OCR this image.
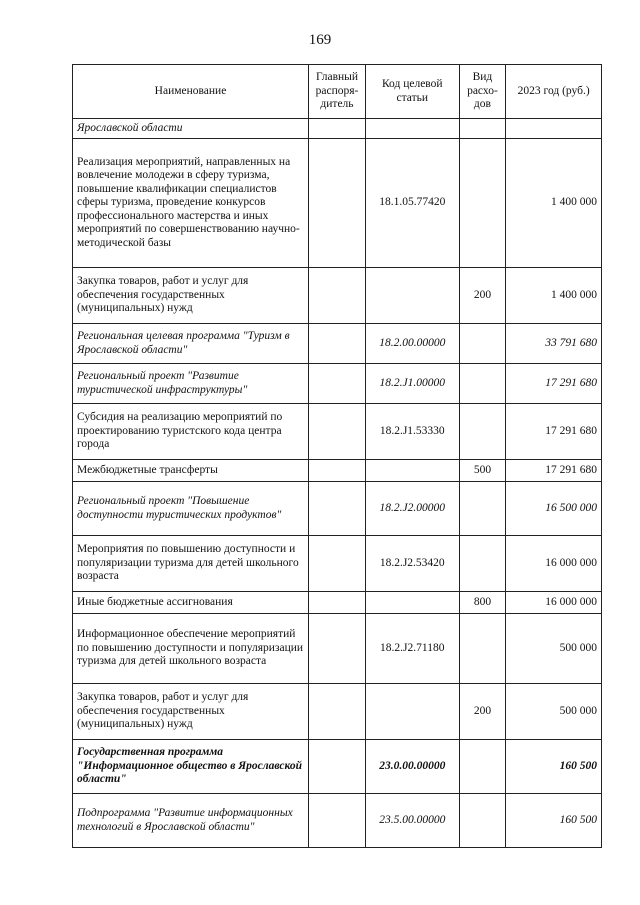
169
Наименование	Главный распоря-дитель	Код целевой статьи	Вид расхо-дов	2023 год (руб.)
Ярославской области				
Реализация мероприятий, направленных на вовлечение молодежи в сферу туризма, повышение квалификации специалистов сферы туризма, проведение конкурсов профессионального мастерства и иных мероприятий по совершенствованию научно-методической базы		18.1.05.77420		1 400 000
Закупка товаров, работ и услуг для обеспечения государственных (муниципальных) нужд			200	1 400 000
Региональная целевая программа "Туризм в Ярославской области"		18.2.00.00000		33 791 680
Региональный проект "Развитие туристической инфраструктуры"		18.2.J1.00000		17 291 680
Субсидия на реализацию мероприятий по проектированию туристского кода центра города		18.2.J1.53330		17 291 680
Межбюджетные трансферты			500	17 291 680
Региональный проект "Повышение доступности туристических продуктов"		18.2.J2.00000		16 500 000
Мероприятия по повышению доступности и популяризации туризма для детей школьного возраста		18.2.J2.53420		16 000 000
Иные бюджетные ассигнования			800	16 000 000
Информационное обеспечение мероприятий по повышению доступности и популяризации туризма для детей школьного возраста		18.2.J2.71180		500 000
Закупка товаров, работ и услуг для обеспечения государственных (муниципальных) нужд			200	500 000
Государственная программа "Информационное общество в Ярославской области"		23.0.00.00000		160 500
Подпрограмма "Развитие информационных технологий в Ярославской области"		23.5.00.00000		160 500
